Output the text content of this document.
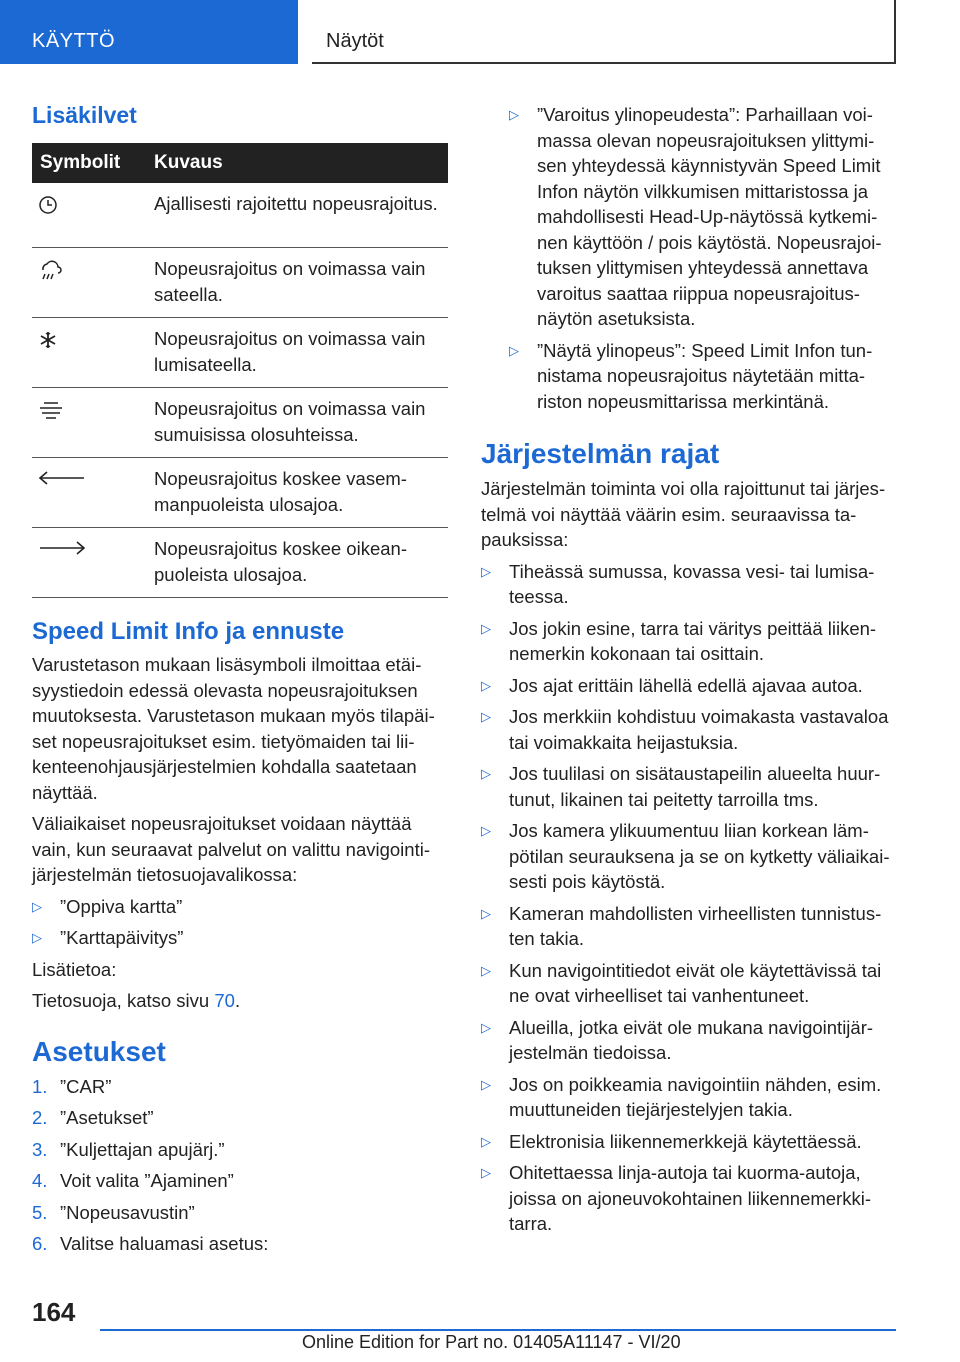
KÄYTTÖ	Näytöt
Lisäkilvet
Symbolit	Kuvaus

	Ajallisesti rajoitettu nopeusrajoitus.

	Nopeusrajoitus on voimassa vain sateella.

	Nopeusrajoitus on voimassa vain lumisateella.

	Nopeusrajoitus on voimassa vain sumuisissa olosuhteissa.

	Nopeusrajoitus koskee vasemmanpuoleista ulosajoa.

	Nopeusrajoitus koskee oikeanpuoleista ulosajoa.
Speed Limit Info ja ennuste

Varustetason mukaan lisäsymboli ilmoittaa etäisyystiedoin edessä olevasta nopeusrajoituksen muutoksesta. Varustetason mukaan myös tilapäiset nopeusrajoitukset esim. tietyömaiden tai liikenteenohjausjärjestelmien kohdalla saatetaan näyttää.

Väliaikaiset nopeusrajoitukset voidaan näyttää vain, kun seuraavat palvelut on valittu navigointijärjestelmän tietosuojavalikossa:

▷ ”Oppiva kartta”
▷ ”Karttapäivitys”

Lisätietoa:

Tietosuoja, katso sivu 70.

Asetukset
1. ”CAR”
2. ”Asetukset”
3. ”Kuljettajan apujärj.”
4. Voit valita ”Ajaminen”
5. ”Nopeusavustin”
6. Valitse haluamasi asetus:
▷ ”Varoitus ylinopeudesta”: Parhaillaan voimassa olevan nopeusrajoituksen ylittymisen yhteydessä käynnistyvän Speed Limit Infon näytön vilkkumisen mittaristossa ja mahdollisesti Head-Up-näytössä kytkeminen käyttöön / pois käytöstä. Nopeusrajoituksen ylittymisen yhteydessä annettava varoitus saattaa riippua nopeusrajoitusnäytön asetuksista.
▷ ”Näytä ylinopeus”: Speed Limit Infon tunnistama nopeusrajoitus näytetään mittariston nopeusmittarissa merkintänä.
Järjestelmän rajat

Järjestelmän toiminta voi olla rajoittunut tai järjestelmä voi näyttää väärin esim. seuraavissa tapauksissa:

▷ Tiheässä sumussa, kovassa vesi- tai lumisateessa.
▷ Jos jokin esine, tarra tai väritys peittää liikennemerkin kokonaan tai osittain.
▷ Jos ajat erittäin lähellä edellä ajavaa autoa.
▷ Jos merkkiin kohdistuu voimakasta vastavaloa tai voimakkaita heijastuksia.
▷ Jos tuulilasi on sisätaustapeilin alueelta huurtunut, likainen tai peitetty tarroilla tms.
▷ Jos kamera ylikuumentuu liian korkean lämpötilan seurauksena ja se on kytketty väliaikaisesti pois käytöstä.
▷ Kameran mahdollisten virheellisten tunnistusten takia.
▷ Kun navigointitiedot eivät ole käytettävissä tai ne ovat virheelliset tai vanhentuneet.
▷ Alueilla, jotka eivät ole mukana navigointijärjestelmän tiedoissa.
▷ Jos on poikkeamia navigointiin nähden, esim. muuttuneiden tiejärjestelyjen takia.
▷ Elektronisia liikennemerkkejä käytettäessä.
▷ Ohitettaessa linja-autoja tai kuorma-autoja, joissa on ajoneuvokohtainen liikennemerkkitarra.
164
Online Edition for Part no. 01405A11147 - VI/20
